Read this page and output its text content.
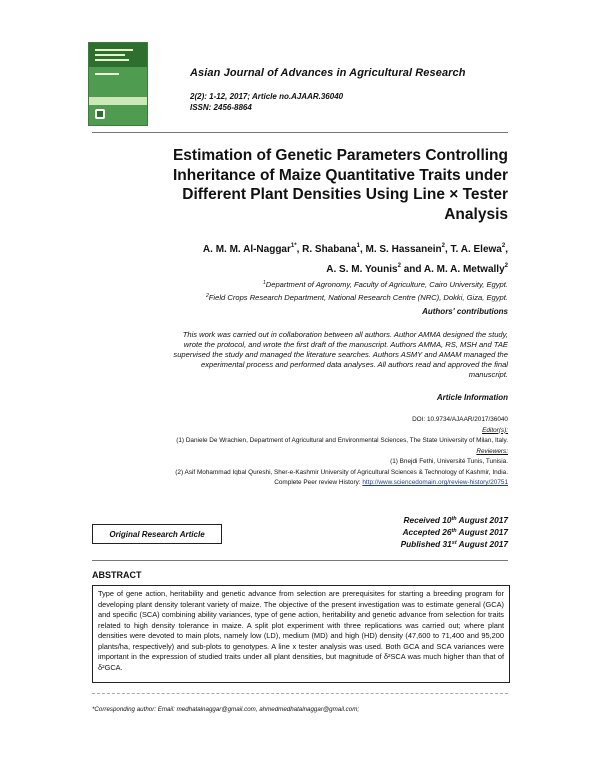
Asian Journal of Advances in Agricultural Research
2(2): 1-12, 2017; Article no.AJAAR.36040
ISSN: 2456-8864
Estimation of Genetic Parameters Controlling
Inheritance of Maize Quantitative Traits under
Different Plant Densities Using Line × Tester
Analysis
A. M. M. Al-Naggar$^{1*}$, R. Shabana$^1$, M. S. Hassanein$^2$, T. A. Elewa$^2$,
A. S. M. Younis$^2$ and A. M. A. Metwally$^2$
$^1$Department of Agronomy, Faculty of Agriculture, Cairo University, Egypt.
$^2$Field Crops Research Department, National Research Centre (NRC), Dokki, Giza, Egypt.
Authors' contributions
This work was carried out in collaboration between all authors. Author AMMA designed the study,
wrote the protocol, and wrote the first draft of the manuscript. Authors AMMA, RS, MSH and TAE
supervised the study and managed the literature searches. Authors ASMY and AMAM managed the
experimental process and performed data analyses. All authors read and approved the final
manuscript.
Article Information
DOI: 10.9734/AJAAR/2017/36040
Editor(s):
(1) Daniele De Wrachien, Department of Agricultural and Environmental Sciences, The State University of Milan, Italy.
Reviewers:
(1) Bnejdi Fethi, Université Tunis, Tunisia.
(2) Asif Mohammad Iqbal Qureshi, Sher-e-Kashmir University of Agricultural Sciences & Technology of Kashmir, India.
Complete Peer review History: http://www.sciencedomain.org/review-history/20751
Original Research Article
Received 10th August 2017
Accepted 26th August 2017
Published 31st August 2017
ABSTRACT
Type of gene action, heritability and genetic advance from selection are prerequisites for starting a breeding program for developing plant density tolerant variety of maize. The objective of the present investigation was to estimate general (GCA) and specific (SCA) combining ability variances, type of gene action, heritability and genetic advance from selection for traits related to high density tolerance in maize. A split plot experiment with three replications was carried out; where plant densities were devoted to main plots, namely low (LD), medium (MD) and high (HD) density (47,600 to 71,400 and 95,200 plants/ha, respectively) and sub-plots to genotypes. A line x tester analysis was used. Both GCA and SCA variances were important in the expression of studied traits under all plant densities, but magnitude of δ²SCA was much higher than that of δ²GCA.
*Corresponding author: Email: medhatalnaggar@gmail.com, ahmedmedhatalnaggar@gmail.com;
